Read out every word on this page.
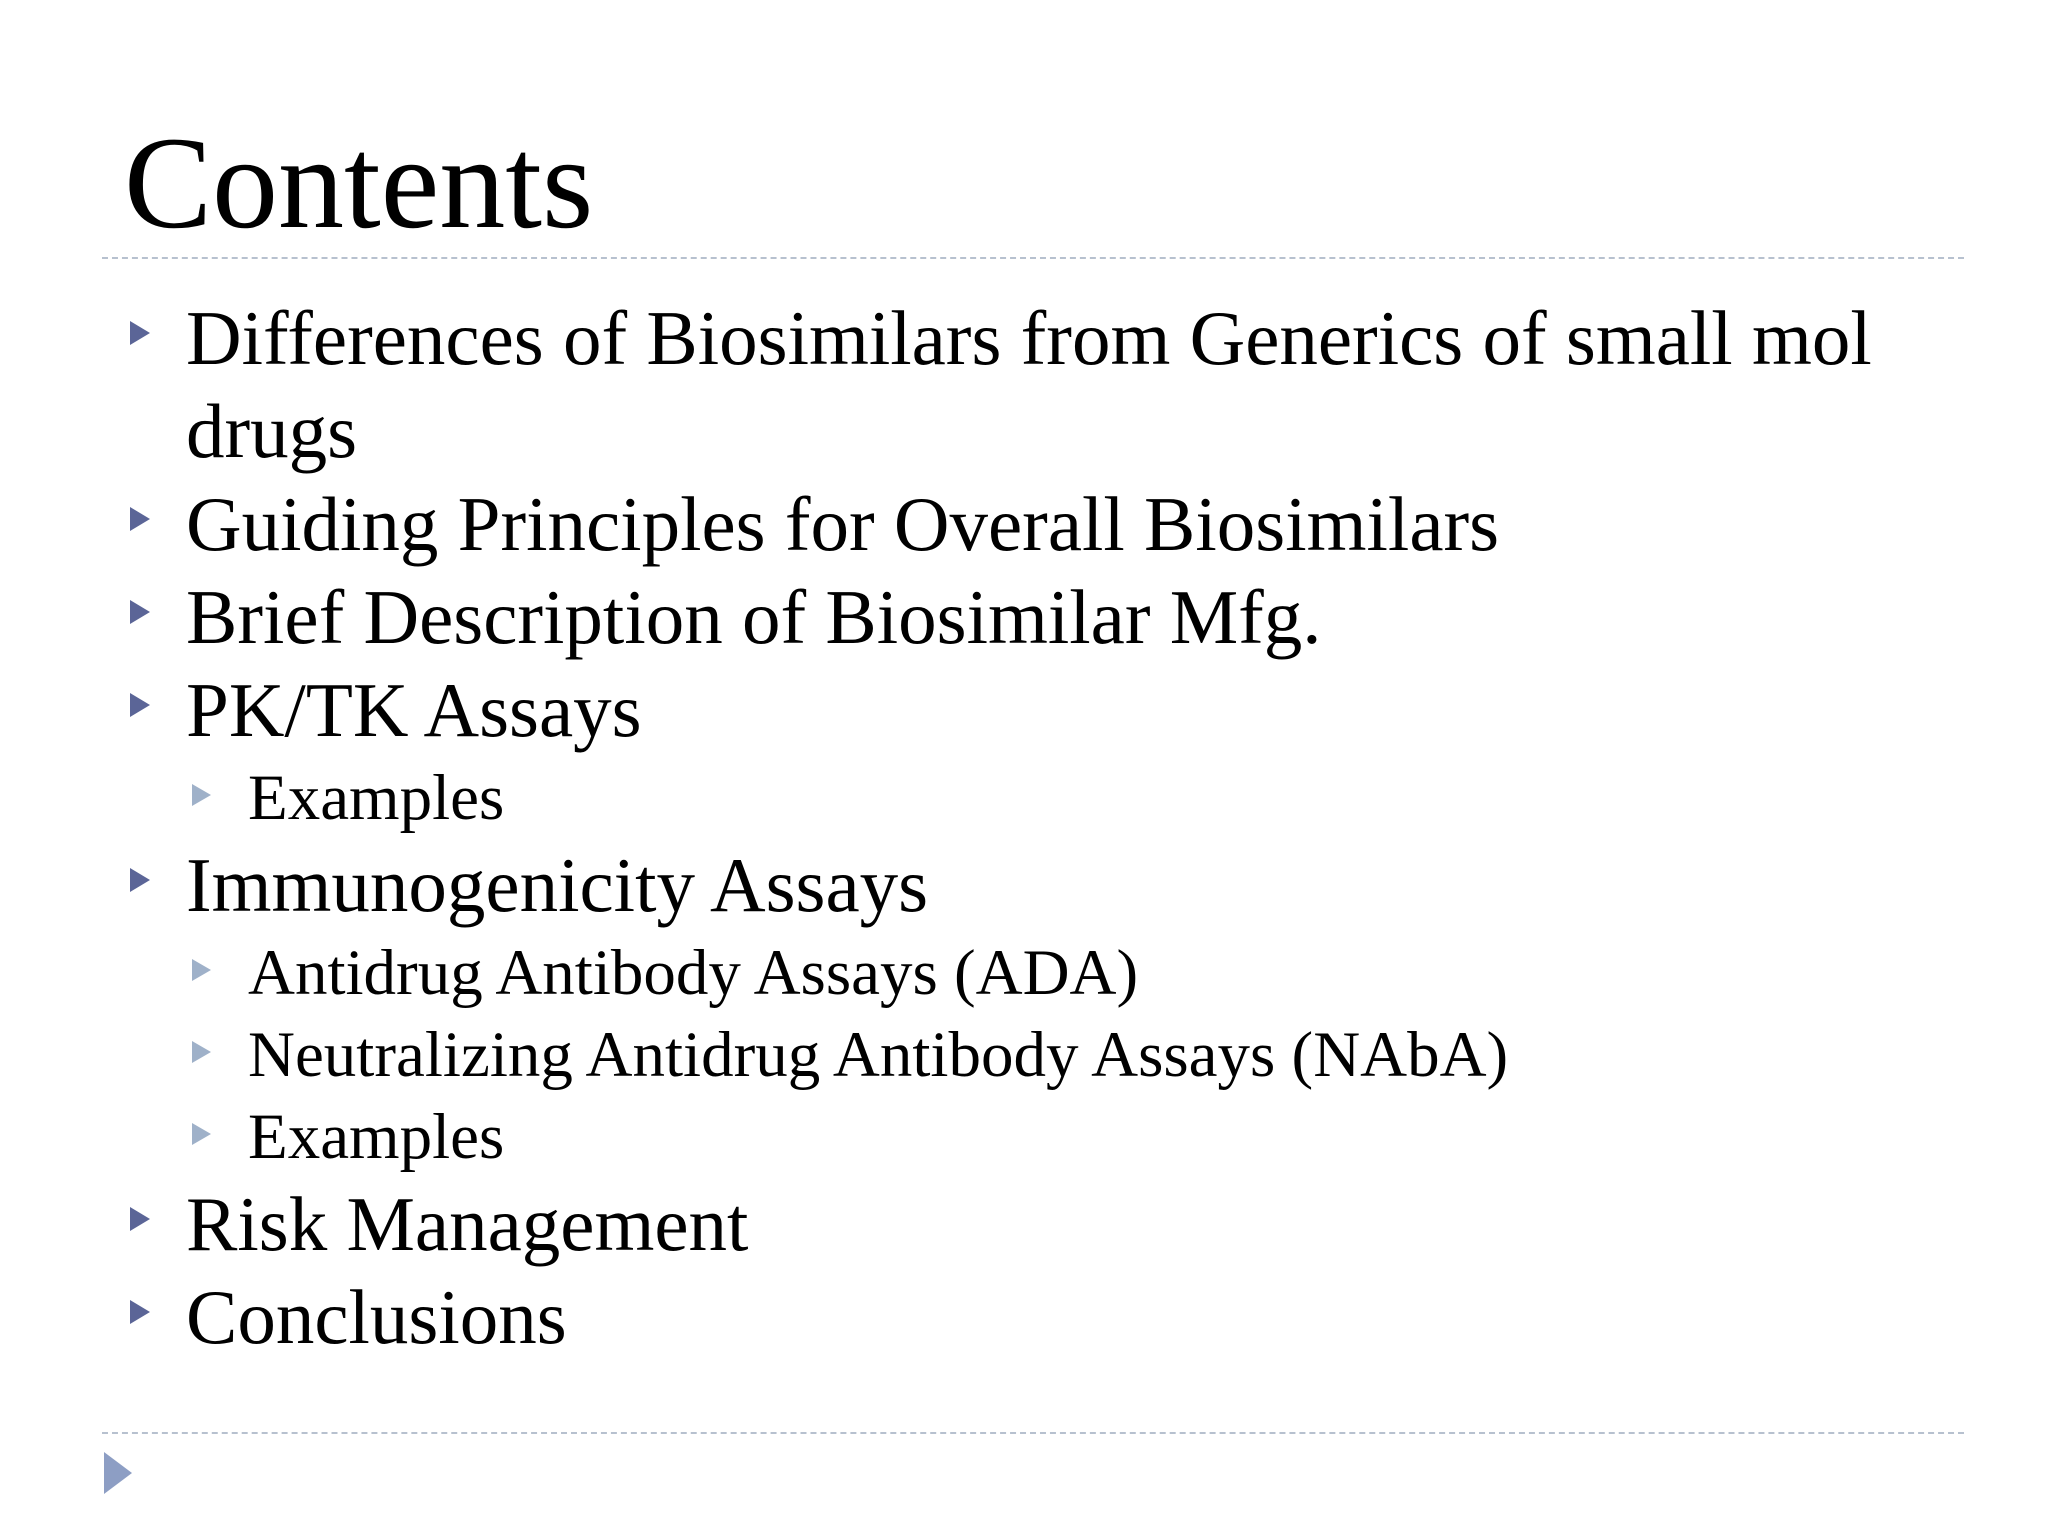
Contents
Differences of Biosimilars from Generics of small mol drugs
Guiding Principles for Overall Biosimilars
Brief Description of Biosimilar Mfg.
PK/TK Assays
Examples
Immunogenicity Assays
Antidrug Antibody Assays (ADA)
Neutralizing Antidrug Antibody Assays (NAbA)
Examples
Risk Management
Conclusions
